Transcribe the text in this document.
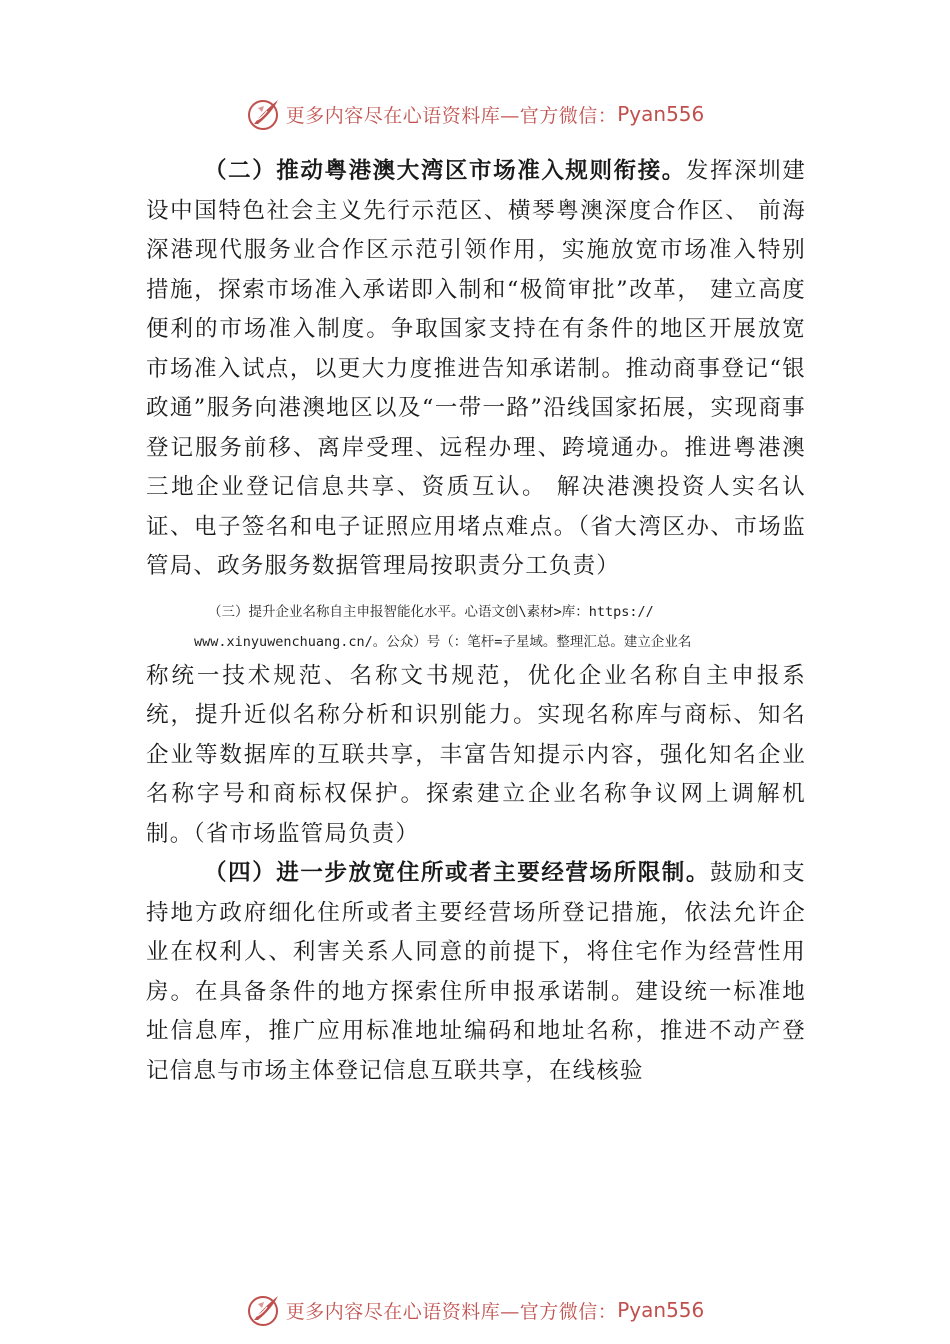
更多内容尽在心语资料库—官方微信： Pyan556

（二）推动粤港澳大湾区市场准入规则衔接。发挥深圳建设中国特色社会主义先行示范区、横琴粤澳深度合作区、 前海深港现代服务业合作区示范引领作用，实施放宽市场准入特别措施，探索市场准入承诺即入制和“极简审批”改革， 建立高度便利的市场准入制度。争取国家支持在有条件的地区开展放宽市场准入试点，以更大力度推进告知承诺制。推动商事登记“银政通”服务向港澳地区以及“一带一路”沿线国家拓展，实现商事登记服务前移、离岸受理、远程办理、跨境通办。推进粤港澳三地企业登记信息共享、资质互认。 解决港澳投资人实名认证、电子签名和电子证照应用堵点难点。（省大湾区办、市场监管局、政务服务数据管理局按职责分工负责）

（三）提升企业名称自主申报智能化水平。心语文创\素材>库：https://
www.xinyuwenchuang.cn/。公众）号（：笔杆=子星域。整理汇总。建立企业名

称统一技术规范、名称文书规范，优化企业名称自主申报系统，提升近似名称分析和识别能力。实现名称库与商标、知名企业等数据库的互联共享，丰富告知提示内容，强化知名企业名称字号和商标权保护。探索建立企业名称争议网上调解机制。（省市场监管局负责）

（四）进一步放宽住所或者主要经营场所限制。鼓励和支持地方政府细化住所或者主要经营场所登记措施，依法允许企业在权利人、利害关系人同意的前提下，将住宅作为经营性用房。在具备条件的地方探索住所申报承诺制。建设统一标准地址信息库，推广应用标准地址编码和地址名称，推进不动产登记信息与市场主体登记信息互联共享，在线核验

更多内容尽在心语资料库—官方微信： Pyan556
